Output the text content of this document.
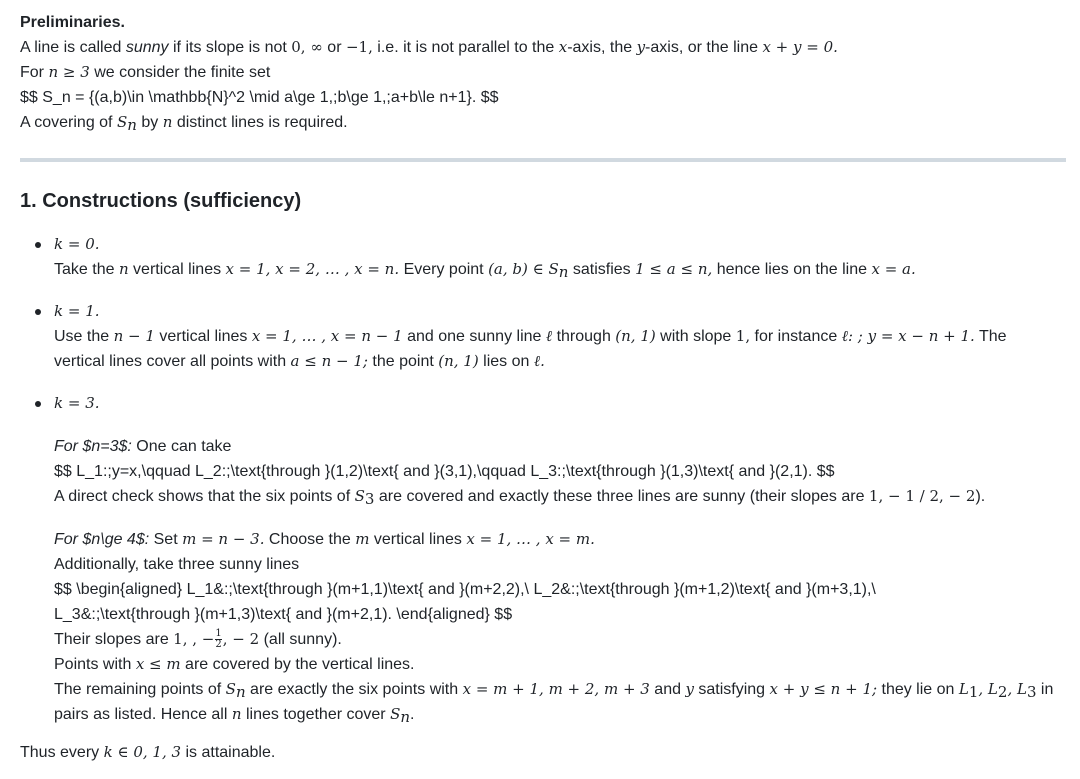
Preliminaries.
A line is called sunny if its slope is not 0, ∞ or −1, i.e. it is not parallel to the x-axis, the y-axis, or the line x + y = 0.
For n ≥ 3 we consider the finite set
$$ S_n = {(a,b)\in \mathbb{N}^2 \mid a\ge 1,;b\ge 1,;a+b\le n+1}. $$
A covering of $S_n$ by n distinct lines is required.
1. Constructions (sufficiency)
k = 0.
Take the n vertical lines x = 1, x = 2, … , x = n. Every point (a, b) ∈ $S_n$ satisfies 1 ≤ a ≤ n, hence lies on the line x = a.
k = 1.
Use the n − 1 vertical lines x = 1, … , x = n − 1 and one sunny line ℓ through (n, 1) with slope 1, for instance ℓ: ; y = x − n + 1. The
vertical lines cover all points with a ≤ n − 1; the point (n, 1) lies on ℓ.
k = 3.
For $n=3$: One can take
$$ L_1:;y=x,\qquad L_2:;\text{through }(1,2)\text{ and }(3,1),\qquad L_3:;\text{through }(1,3)\text{ and }(2,1). $$
A direct check shows that the six points of $S_3$ are covered and exactly these three lines are sunny (their slopes are 1, − 1 / 2, − 2).
For $n\ge 4$: Set m = n − 3. Choose the m vertical lines x = 1, … , x = m.
Additionally, take three sunny lines
$$ \begin{aligned} L_1&:;\text{through }(m+1,1)\text{ and }(m+2,2),\ L_2&:;\text{through }(m+1,2)\text{ and }(m+3,1),\
L_3&:;\text{through }(m+1,3)\text{ and }(m+2,1). \end{aligned} $$
Their slopes are 1, , − $\frac{1}{2}$ , − 2 (all sunny).
Points with x ≤ m are covered by the vertical lines.
The remaining points of $S_n$ are exactly the six points with x = m + 1, m + 2, m + 3 and y satisfying x + y ≤ n + 1; they lie on $L_1$, $L_2$, $L_3$ in
pairs as listed. Hence all n lines together cover $S_n$.
Thus every k ∈ 0, 1, 3 is attainable.
